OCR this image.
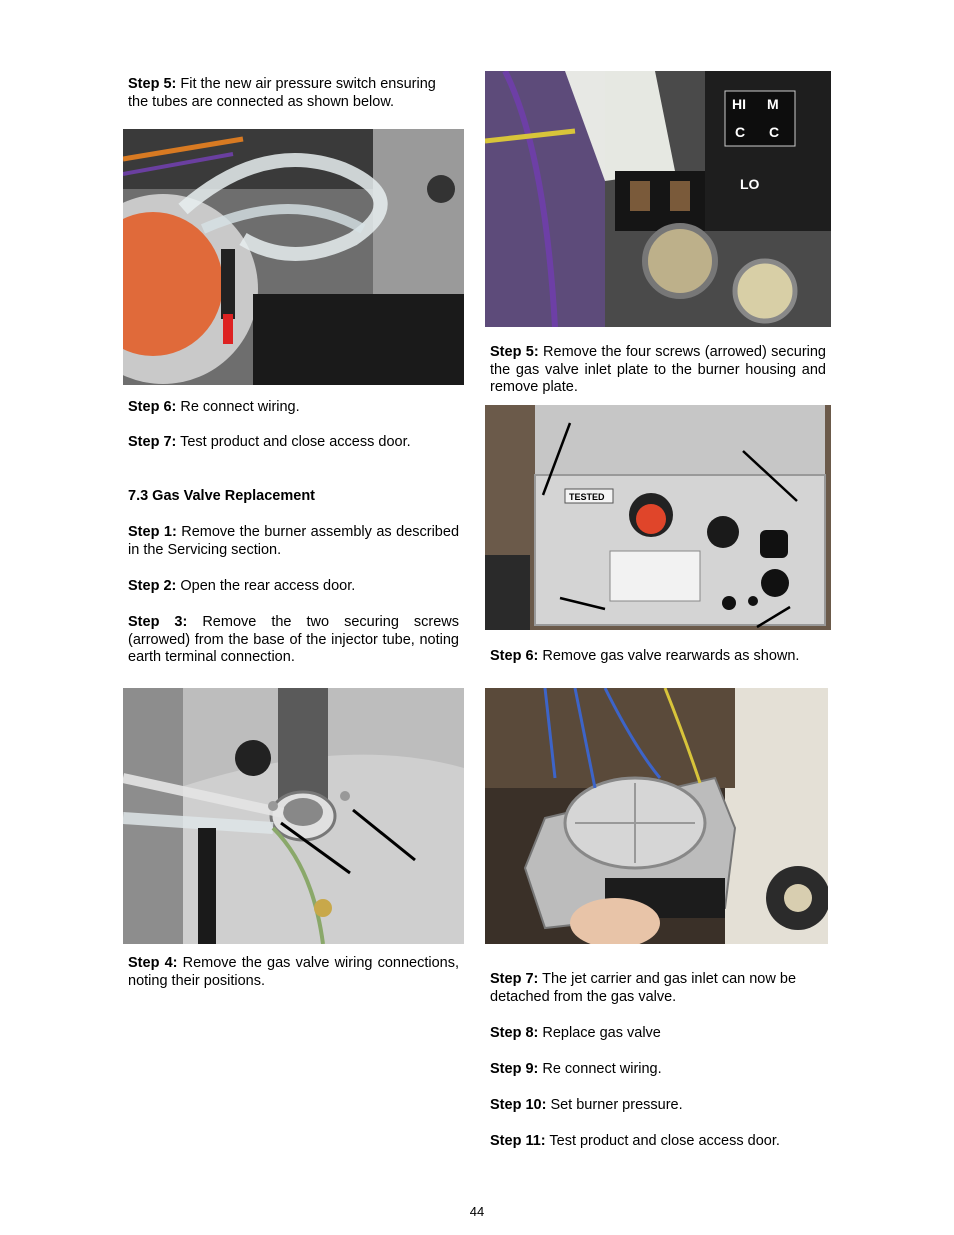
Step 5: Fit the new air pressure switch ensuring the tubes are connected as shown below.
Step 6: Re connect wiring.
Step 7: Test product and close access door.
7.3 Gas Valve Replacement
Step 1: Remove the burner assembly as described in the Servicing section.
Step 2: Open the rear access door.
Step 3: Remove the two securing screws (arrowed) from the base of the injector tube, noting earth terminal connection.
Step 4: Remove the gas valve wiring connections, noting their positions.
HI M
C C
LO
Step 5: Remove the four screws (arrowed) securing the gas valve inlet plate to the burner housing and remove plate.
TESTED
Step 6: Remove gas valve rearwards as shown.
Step 7: The jet carrier and gas inlet can now be detached from the gas valve.
Step 8: Replace gas valve
Step 9: Re connect wiring.
Step 10: Set burner pressure.
Step 11: Test product and close access door.
44
